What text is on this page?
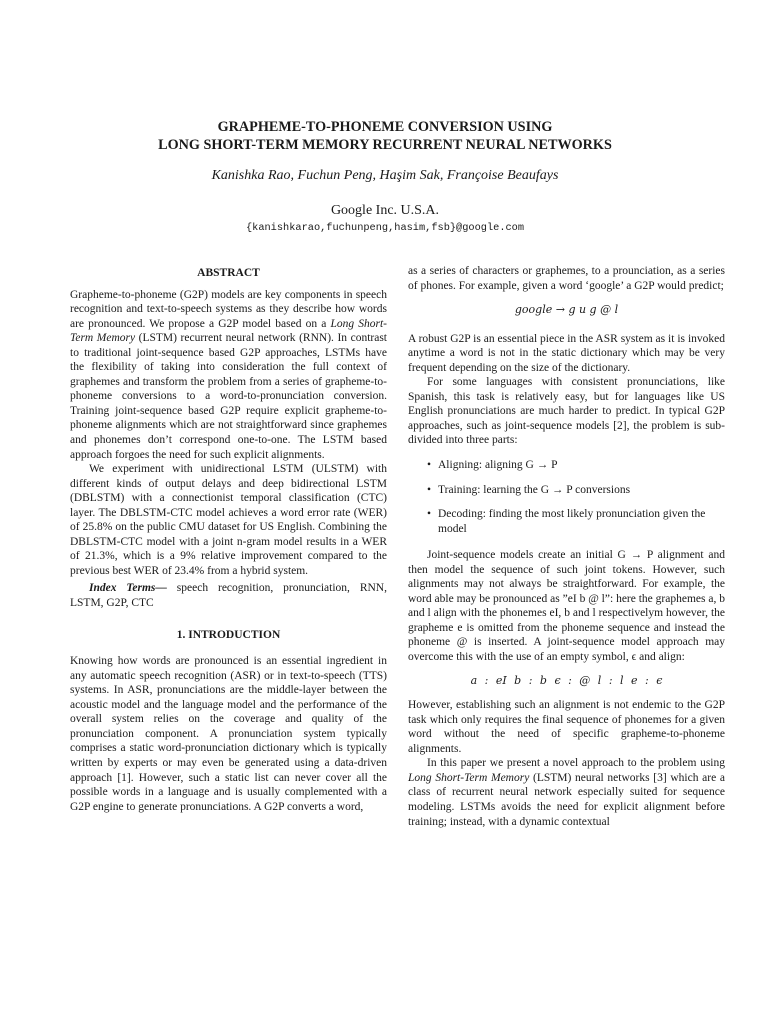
GRAPHEME-TO-PHONEME CONVERSION USING
LONG SHORT-TERM MEMORY RECURRENT NEURAL NETWORKS
Kanishka Rao, Fuchun Peng, Haşim Sak, Françoise Beaufays
Google Inc. U.S.A.
{kanishkarao,fuchunpeng,hasim,fsb}@google.com
ABSTRACT

Grapheme-to-phoneme (G2P) models are key components in speech recognition and text-to-speech systems as they describe how words are pronounced. We propose a G2P model based on a Long Short-Term Memory (LSTM) recurrent neural network (RNN). In contrast to traditional joint-sequence based G2P approaches, LSTMs have the flexibility of taking into consideration the full context of graphemes and transform the problem from a series of grapheme-to-phoneme conversions to a word-to-pronunciation conversion. Training joint-sequence based G2P require explicit grapheme-to-phoneme alignments which are not straightforward since graphemes and phonemes don’t correspond one-to-one. The LSTM based approach forgoes the need for such explicit alignments.

We experiment with unidirectional LSTM (ULSTM) with different kinds of output delays and deep bidirectional LSTM (DBLSTM) with a connectionist temporal classification (CTC) layer. The DBLSTM-CTC model achieves a word error rate (WER) of 25.8% on the public CMU dataset for US English. Combining the DBLSTM-CTC model with a joint n-gram model results in a WER of 21.3%, which is a 9% relative improvement compared to the previous best WER of 23.4% from a hybrid system.

Index Terms— speech recognition, pronunciation, RNN, LSTM, G2P, CTC

1. INTRODUCTION

Knowing how words are pronounced is an essential ingredient in any automatic speech recognition (ASR) or in text-to-speech (TTS) systems. In ASR, pronunciations are the middle-layer between the acoustic model and the language model and the performance of the overall system relies on the coverage and quality of the pronunciation component. A pronunciation system typically comprises a static word-pronunciation dictionary which is typically written by experts or may even be generated using a data-driven approach [1]. However, such a static list can never cover all the possible words in a language and is usually complemented with a G2P engine to generate pronunciations. A G2P converts a word,

as a series of characters or graphemes, to a prounciation, as a series of phones. For example, given a word ‘google’ a G2P would predict;

google → g u g @ l

A robust G2P is an essential piece in the ASR system as it is invoked anytime a word is not in the static dictionary which may be very frequent depending on the size of the dictionary.

For some languages with consistent pronunciations, like Spanish, this task is relatively easy, but for languages like US English pronunciations are much harder to predict. In typical G2P approaches, such as joint-sequence models [2], the problem is sub-divided into three parts:

• Aligning: aligning G → P
• Training: learning the G → P conversions
• Decoding: finding the most likely pronunciation given the model

Joint-sequence models create an initial G → P alignment and then model the sequence of such joint tokens. However, such alignments may not always be straightforward. For example, the word able may be pronounced as ”eI b @ l”: here the graphemes a, b and l align with the phonemes eI, b and l respectivelym however, the grapheme e is omitted from the phoneme sequence and instead the phoneme @ is inserted. A joint-sequence model approach may overcome this with the use of an empty symbol, ϵ and align:

a : eI b : b ϵ : @ l : l e : ϵ

However, establishing such an alignment is not endemic to the G2P task which only requires the final sequence of phonemes for a given word without the need of specific grapheme-to-phoneme alignments.

In this paper we present a novel approach to the problem using Long Short-Term Memory (LSTM) neural networks [3] which are a class of recurrent neural network especially suited for sequence modeling. LSTMs avoids the need for explicit alignment before training; instead, with a dynamic contextual
